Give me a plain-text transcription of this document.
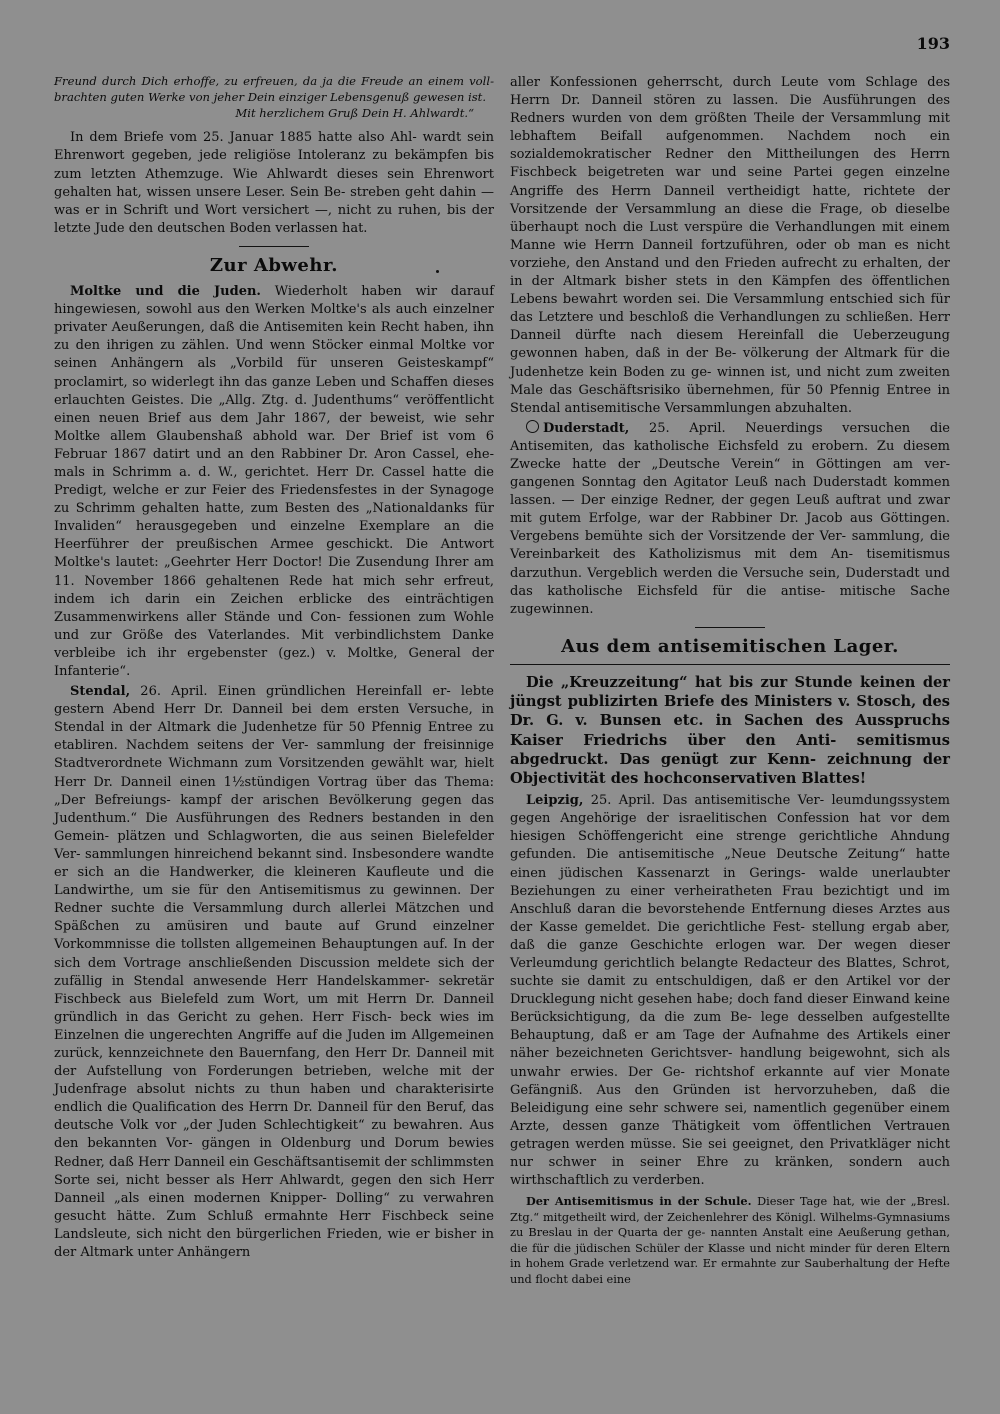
193

Freund durch Dich erhoffe, zu erfreuen, da ja die Freude an einem voll- brachten guten Werke von jeher Dein einziger Lebensgenuß gewesen ist.

Mit herzlichem Gruß Dein H. Ahlwardt.“

In dem Briefe vom 25. Januar 1885 hatte also Ahl- wardt sein Ehrenwort gegeben, jede religiöse Intoleranz zu bekämpfen bis zum letzten Athemzuge. Wie Ahlwardt dieses sein Ehrenwort gehalten hat, wissen unsere Leser. Sein Be- streben geht dahin — was er in Schrift und Wort versichert —, nicht zu ruhen, bis der letzte Jude den deutschen Boden verlassen hat.

Zur Abwehr.

Moltke und die Juden. Wiederholt haben wir darauf hingewiesen, sowohl aus den Werken Moltke's als auch einzelner privater Aeußerungen, daß die Antisemiten kein Recht haben, ihn zu den ihrigen zu zählen. Und wenn Stöcker einmal Moltke vor seinen Anhängern als „Vorbild für unseren Geisteskampf“ proclamirt, so widerlegt ihn das ganze Leben und Schaffen dieses erlauchten Geistes. Die „Allg. Ztg. d. Judenthums“ veröffentlicht einen neuen Brief aus dem Jahr 1867, der beweist, wie sehr Moltke allem Glaubenshaß abhold war. Der Brief ist vom 6 Februar 1867 datirt und an den Rabbiner Dr. Aron Cassel, ehe- mals in Schrimm a. d. W., gerichtet. Herr Dr. Cassel hatte die Predigt, welche er zur Feier des Friedensfestes in der Synagoge zu Schrimm gehalten hatte, zum Besten des „Nationaldanks für Invaliden“ herausgegeben und einzelne Exemplare an die Heerführer der preußischen Armee geschickt. Die Antwort Moltke's lautet: „Geehrter Herr Doctor! Die Zusendung Ihrer am 11. November 1866 gehaltenen Rede hat mich sehr erfreut, indem ich darin ein Zeichen erblicke des einträchtigen Zusammenwirkens aller Stände und Con- fessionen zum Wohle und zur Größe des Vaterlandes. Mit verbindlichstem Danke verbleibe ich ihr ergebenster (gez.) v. Moltke, General der Infanterie“.

Stendal, 26. April. Einen gründlichen Hereinfall er- lebte gestern Abend Herr Dr. Danneil bei dem ersten Versuche, in Stendal in der Altmark die Judenhetze für 50 Pfennig Entree zu etabliren. Nachdem seitens der Ver- sammlung der freisinnige Stadtverordnete Wichmann zum Vorsitzenden gewählt war, hielt Herr Dr. Danneil einen 1½stündigen Vortrag über das Thema: „Der Befreiungs- kampf der arischen Bevölkerung gegen das Judenthum.“ Die Ausführungen des Redners bestanden in den Gemein- plätzen und Schlagworten, die aus seinen Bielefelder Ver- sammlungen hinreichend bekannt sind. Insbesondere wandte er sich an die Handwerker, die kleineren Kaufleute und die Landwirthe, um sie für den Antisemitismus zu gewinnen. Der Redner suchte die Versammlung durch allerlei Mätzchen und Späßchen zu amüsiren und baute auf Grund einzelner Vorkommnisse die tollsten allgemeinen Behauptungen auf. In der sich dem Vortrage anschließenden Discussion meldete sich der zufällig in Stendal anwesende Herr Handelskammer- sekretär Fischbeck aus Bielefeld zum Wort, um mit Herrn Dr. Danneil gründlich in das Gericht zu gehen. Herr Fisch- beck wies im Einzelnen die ungerechten Angriffe auf die Juden im Allgemeinen zurück, kennzeichnete den Bauernfang, den Herr Dr. Danneil mit der Aufstellung von Forderungen betrieben, welche mit der Judenfrage absolut nichts zu thun haben und charakterisirte endlich die Qualification des Herrn Dr. Danneil für den Beruf, das deutsche Volk vor „der Juden Schlechtigkeit“ zu bewahren. Aus den bekannten Vor- gängen in Oldenburg und Dorum bewies Redner, daß Herr Danneil ein Geschäftsantisemit der schlimmsten Sorte sei, nicht besser als Herr Ahlwardt, gegen den sich Herr Danneil „als einen modernen Knipper- Dolling“ zu verwahren gesucht hätte. Zum Schluß ermahnte Herr Fischbeck seine Landsleute, sich nicht den bürgerlichen Frieden, wie er bisher in der Altmark unter Anhängern

aller Konfessionen geherrscht, durch Leute vom Schlage des Herrn Dr. Danneil stören zu lassen. Die Ausführungen des Redners wurden von dem größten Theile der Versammlung mit lebhaftem Beifall aufgenommen. Nachdem noch ein sozialdemokratischer Redner den Mittheilungen des Herrn Fischbeck beigetreten war und seine Partei gegen einzelne Angriffe des Herrn Danneil vertheidigt hatte, richtete der Vorsitzende der Versammlung an diese die Frage, ob dieselbe überhaupt noch die Lust verspüre die Verhandlungen mit einem Manne wie Herrn Danneil fortzuführen, oder ob man es nicht vorziehe, den Anstand und den Frieden aufrecht zu erhalten, der in der Altmark bisher stets in den Kämpfen des öffentlichen Lebens bewahrt worden sei. Die Versammlung entschied sich für das Letztere und beschloß die Verhandlungen zu schließen. Herr Danneil dürfte nach diesem Hereinfall die Ueberzeugung gewonnen haben, daß in der Be- völkerung der Altmark für die Judenhetze kein Boden zu ge- winnen ist, und nicht zum zweiten Male das Geschäftsrisiko übernehmen, für 50 Pfennig Entree in Stendal antisemitische Versammlungen abzuhalten.

Duderstadt, 25. April. Neuerdings versuchen die Antisemiten, das katholische Eichsfeld zu erobern. Zu diesem Zwecke hatte der „Deutsche Verein“ in Göttingen am ver- gangenen Sonntag den Agitator Leuß nach Duderstadt kommen lassen. — Der einzige Redner, der gegen Leuß auftrat und zwar mit gutem Erfolge, war der Rabbiner Dr. Jacob aus Göttingen. Vergebens bemühte sich der Vorsitzende der Ver- sammlung, die Vereinbarkeit des Katholizismus mit dem An- tisemitismus darzuthun. Vergeblich werden die Versuche sein, Duderstadt und das katholische Eichsfeld für die antise- mitische Sache zugewinnen.

Aus dem antisemitischen Lager.

Die „Kreuzzeitung“ hat bis zur Stunde keinen der jüngst publizirten Briefe des Ministers v. Stosch, des Dr. G. v. Bunsen etc. in Sachen des Ausspruchs Kaiser Friedrichs über den Anti- semitismus abgedruckt. Das genügt zur Kenn- zeichnung der Objectivität des hochconservativen Blattes!

Leipzig, 25. April. Das antisemitische Ver- leumdungssystem gegen Angehörige der israelitischen Confession hat vor dem hiesigen Schöffengericht eine strenge gerichtliche Ahndung gefunden. Die antisemitische „Neue Deutsche Zeitung“ hatte einen jüdischen Kassenarzt in Gerings- walde unerlaubter Beziehungen zu einer verheiratheten Frau bezichtigt und im Anschluß daran die bevorstehende Entfernung dieses Arztes aus der Kasse gemeldet. Die gerichtliche Fest- stellung ergab aber, daß die ganze Geschichte erlogen war. Der wegen dieser Verleumdung gerichtlich belangte Redacteur des Blattes, Schrot, suchte sie damit zu entschuldigen, daß er den Artikel vor der Drucklegung nicht gesehen habe; doch fand dieser Einwand keine Berücksichtigung, da die zum Be- lege desselben aufgestellte Behauptung, daß er am Tage der Aufnahme des Artikels einer näher bezeichneten Gerichtsver- handlung beigewohnt, sich als unwahr erwies. Der Ge- richtshof erkannte auf vier Monate Gefängniß. Aus den Gründen ist hervorzuheben, daß die Beleidigung eine sehr schwere sei, namentlich gegenüber einem Arzte, dessen ganze Thätigkeit vom öffentlichen Vertrauen getragen werden müsse. Sie sei geeignet, den Privatkläger nicht nur schwer in seiner Ehre zu kränken, sondern auch wirthschaftlich zu verderben.

Der Antisemitismus in der Schule. Dieser Tage hat, wie der „Bresl. Ztg.“ mitgetheilt wird, der Zeichenlehrer des Königl. Wilhelms-Gymnasiums zu Breslau in der Quarta der ge- nannten Anstalt eine Aeußerung gethan, die für die jüdischen Schüler der Klasse und nicht minder für deren Eltern in hohem Grade verletzend war. Er ermahnte zur Sauberhaltung der Hefte und flocht dabei eine
